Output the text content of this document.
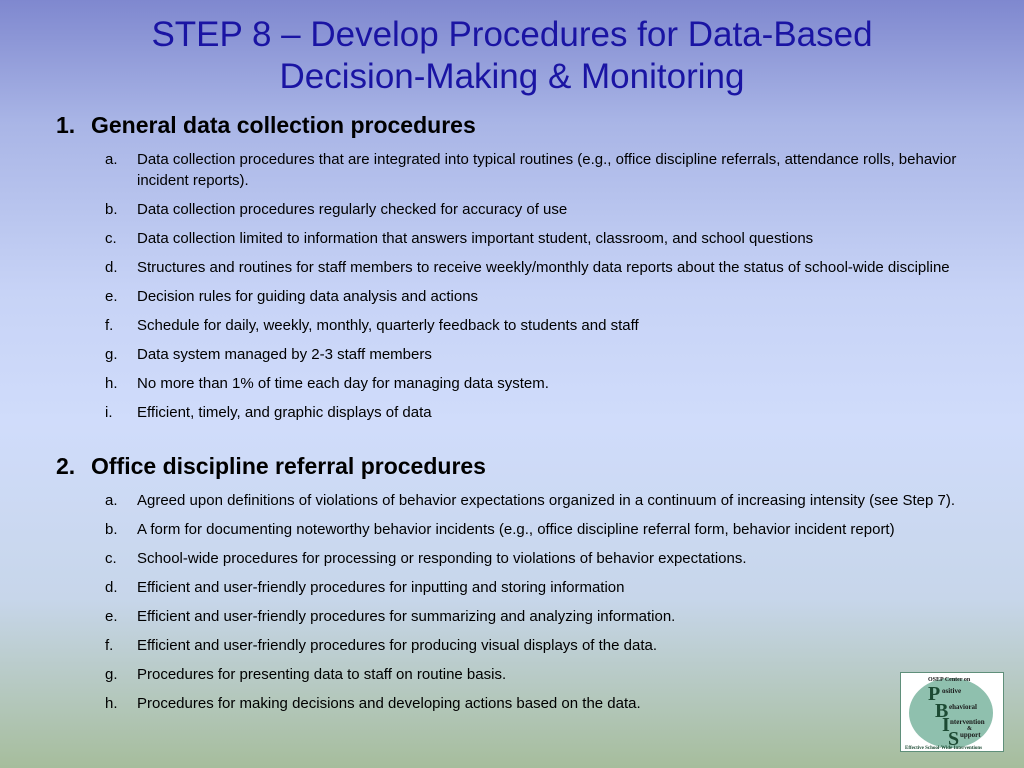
STEP 8 – Develop Procedures for Data-Based
Decision-Making & Monitoring
1. General data collection procedures
a.	Data collection procedures that are integrated into typical routines (e.g., office discipline referrals, attendance rolls, behavior incident reports).
b.	Data collection procedures regularly checked for accuracy of use
c.	Data collection limited to information that answers important student, classroom, and school questions
d.	Structures and routines for staff members to receive weekly/monthly data reports about the status of school-wide discipline
e.	Decision rules for guiding data analysis and actions
f.	Schedule for daily, weekly, monthly, quarterly feedback to students and staff
g.	Data system managed by 2-3 staff members
h.	No more than 1% of time each day for managing data system.
i.	Efficient, timely, and graphic displays of data
2. Office discipline referral procedures
a.	Agreed upon definitions of violations of behavior expectations organized in a continuum of increasing intensity (see Step 7).
b.	A form for documenting noteworthy behavior incidents (e.g., office discipline referral form, behavior incident report)
c.	School-wide procedures for processing or responding to violations of behavior expectations.
d.	Efficient and user-friendly procedures for inputting and storing information
e.	Efficient and user-friendly procedures for summarizing and analyzing information.
f.	Efficient and user-friendly procedures for producing visual displays of the data.
g.	Procedures for presenting data to staff on routine basis.
h.	Procedures for making decisions and developing actions based on the data.
OSEP Center on
P ositive
B ehavioral
I ntervention
&
S upport
Effective School-Wide Interventions
